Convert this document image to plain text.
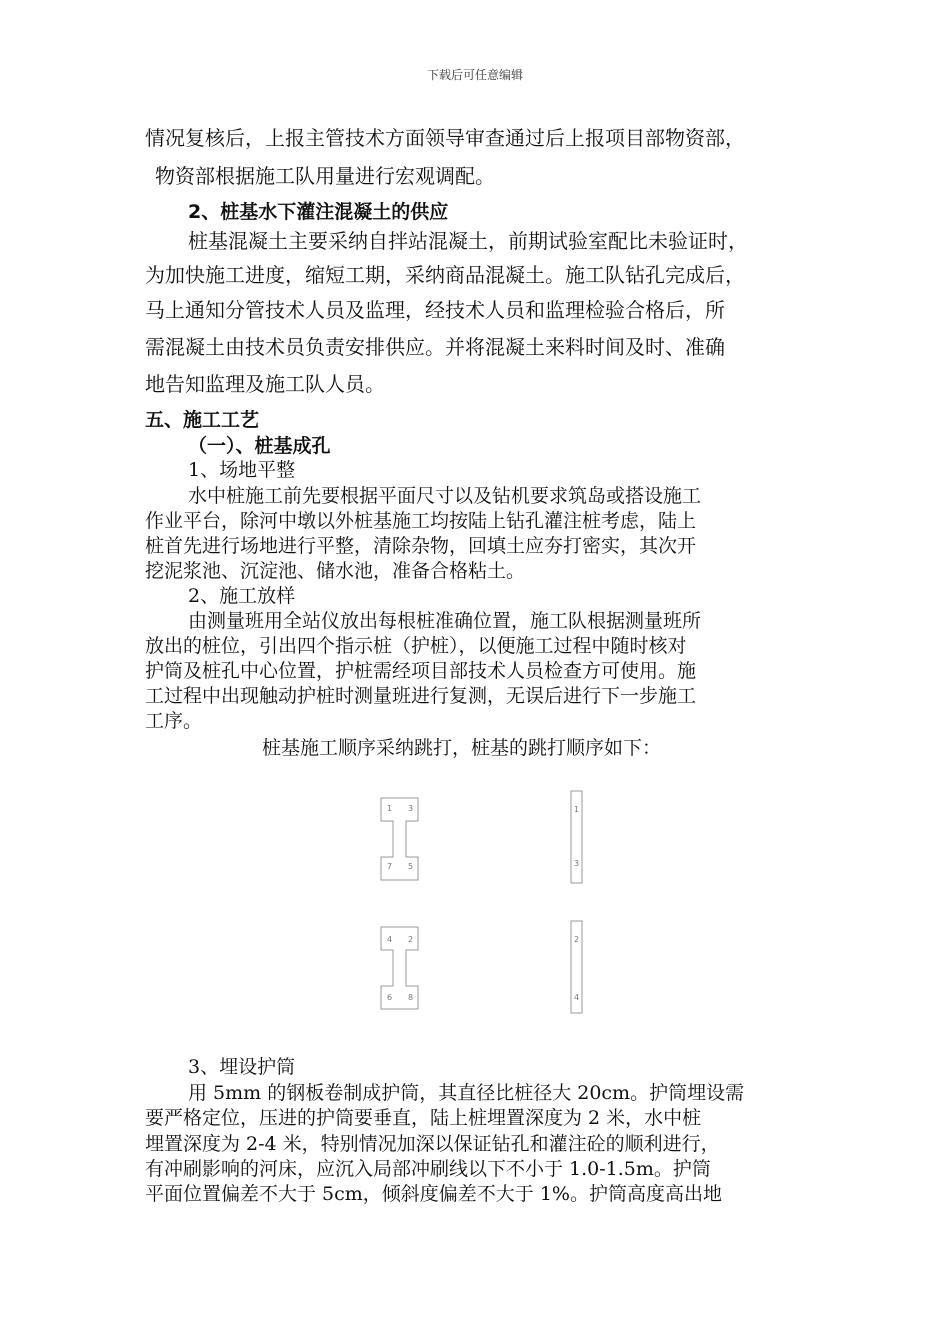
下载后可任意编辑
情况复核后，上报主管技术方面领导审查通过后上报项目部物资部，
物资部根据施工队用量进行宏观调配。
2、桩基水下灌注混凝土的供应
桩基混凝土主要采纳自拌站混凝土，前期试验室配比未验证时，
为加快施工进度，缩短工期，采纳商品混凝土。施工队钻孔完成后，
马上通知分管技术人员及监理，经技术人员和监理检验合格后，所
需混凝土由技术员负责安排供应。并将混凝土来料时间及时、准确
地告知监理及施工队人员。
五、施工工艺
（一）、桩基成孔
1、场地平整
水中桩施工前先要根据平面尺寸以及钻机要求筑岛或搭设施工
作业平台，除河中墩以外桩基施工均按陆上钻孔灌注桩考虑，陆上
桩首先进行场地进行平整，清除杂物，回填土应夯打密实，其次开
挖泥浆池、沉淀池、储水池，准备合格粘土。
2、施工放样
由测量班用全站仪放出每根桩准确位置，施工队根据测量班所
放出的桩位，引出四个指示桩（护桩），以便施工过程中随时核对
护筒及桩孔中心位置，护桩需经项目部技术人员检查方可使用。施
工过程中出现触动护桩时测量班进行复测，无误后进行下一步施工
工序。
桩基施工顺序采纳跳打，桩基的跳打顺序如下：
1 3
7 5
1
3
4 2
6 8
2
4
3、埋设护筒
用 5mm 的钢板卷制成护筒，其直径比桩径大 20cm。护筒埋设需
要严格定位，压进的护筒要垂直，陆上桩埋置深度为 2 米，水中桩
埋置深度为 2-4 米，特别情况加深以保证钻孔和灌注砼的顺利进行，
有冲刷影响的河床，应沉入局部冲刷线以下不小于 1.0-1.5m。护筒
平面位置偏差不大于 5cm，倾斜度偏差不大于 1%。护筒高度高出地
